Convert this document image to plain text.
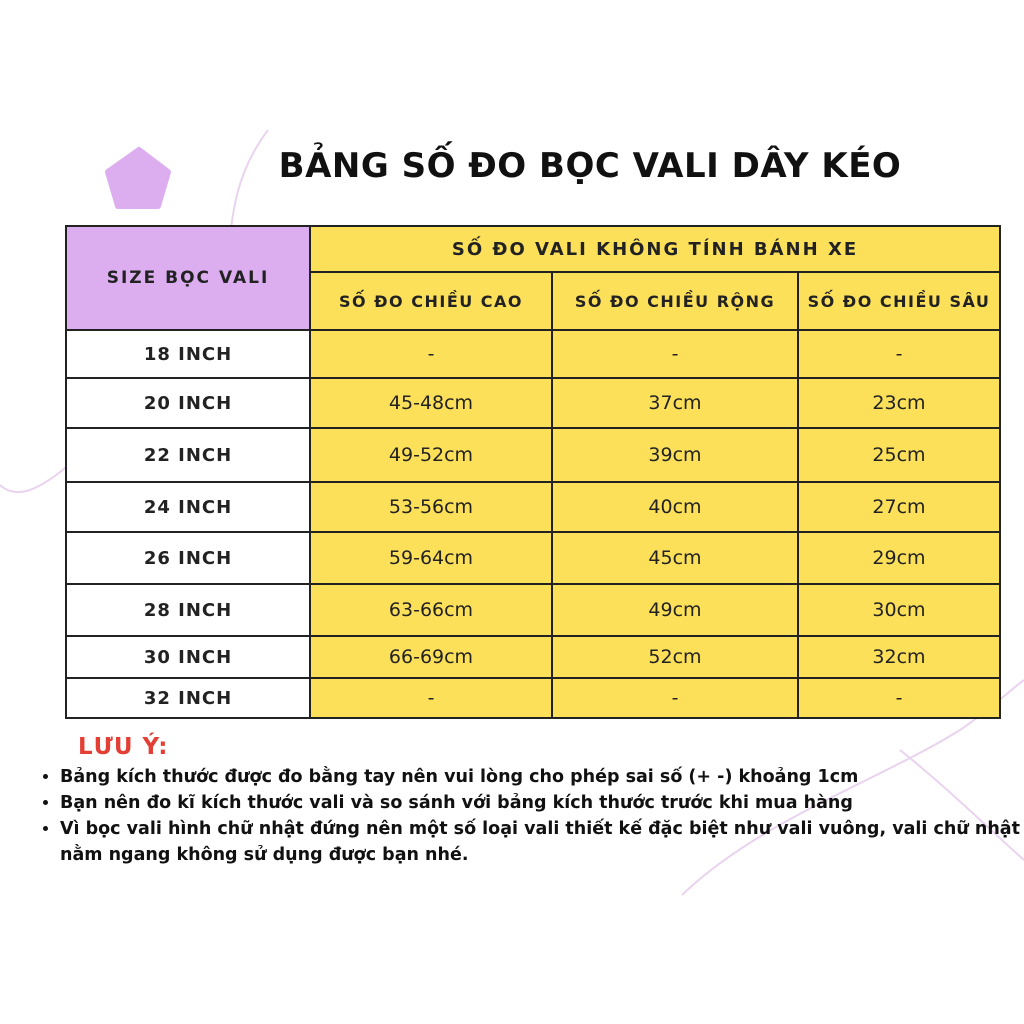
BẢNG SỐ ĐO BỌC VALI DÂY KÉO
SIZE BỌC VALI	SỐ ĐO VALI KHÔNG TÍNH BÁNH XE		
	SỐ ĐO CHIỀU CAO	SỐ ĐO CHIỀU RỘNG	SỐ ĐO CHIỀU SÂU
18 INCH	-	-	-
20 INCH	45-48cm	37cm	23cm
22 INCH	49-52cm	39cm	25cm
24 INCH	53-56cm	40cm	27cm
26 INCH	59-64cm	45cm	29cm
28 INCH	63-66cm	49cm	30cm
30 INCH	66-69cm	52cm	32cm
32 INCH	-	-	-
LƯU Ý:
• Bảng kích thước được đo bằng tay nên vui lòng cho phép sai số (+ -) khoảng 1cm
• Bạn nên đo kĩ kích thước vali và so sánh với bảng kích thước trước khi mua hàng
• Vì bọc vali hình chữ nhật đứng nên một số loại vali thiết kế đặc biệt như vali vuông, vali chữ nhật nằm ngang không sử dụng được bạn nhé.
